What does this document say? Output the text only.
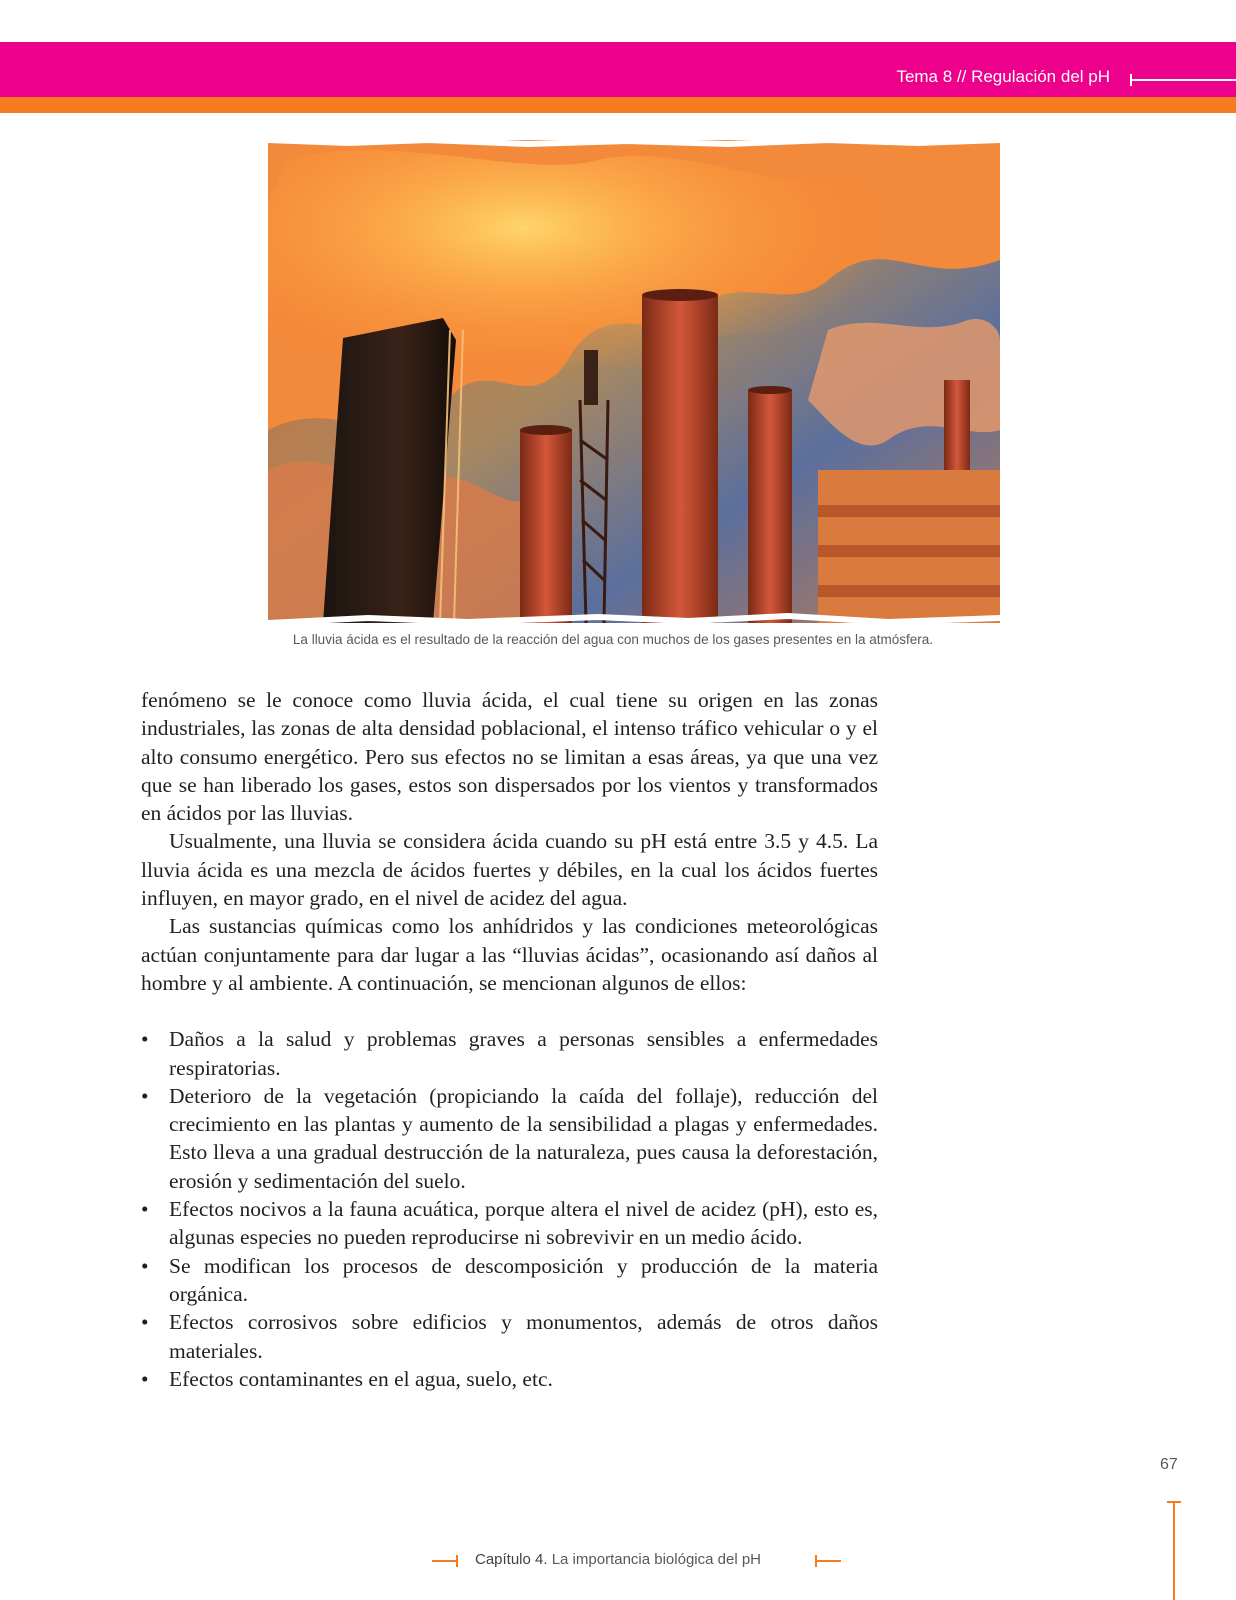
Tema 8 // Regulación del pH
La lluvia ácida es el resultado de la reacción del agua con muchos de los gases presentes en la atmósfera.

fenómeno se le conoce como lluvia ácida, el cual tiene su origen en las zonas industriales, las zonas de alta densidad poblacional, el intenso tráfico vehicular o y el alto consumo energético. Pero sus efectos no se limitan a esas áreas, ya que una vez que se han liberado los gases, estos son dispersados por los vientos y transformados en ácidos por las lluvias.

Usualmente, una lluvia se considera ácida cuando su pH está entre 3.5 y 4.5. La lluvia ácida es una mezcla de ácidos fuertes y débiles, en la cual los ácidos fuertes influyen, en mayor grado, en el nivel de acidez del agua.

Las sustancias químicas como los anhídridos y las condiciones meteorológicas actúan conjuntamente para dar lugar a las “lluvias ácidas”, ocasionando así daños al hombre y al ambiente. A continuación, se mencionan algunos de ellos:

• Daños a la salud y problemas graves a personas sensibles a enfermedades respiratorias.
• Deterioro de la vegetación (propiciando la caída del follaje), reducción del crecimiento en las plantas y aumento de la sensibilidad a plagas y enfermedades. Esto lleva a una gradual destrucción de la naturaleza, pues causa la deforestación, erosión y sedimentación del suelo.
• Efectos nocivos a la fauna acuática, porque altera el nivel de acidez (pH), esto es, algunas especies no pueden reproducirse ni sobrevivir en un medio ácido.
• Se modifican los procesos de descomposición y producción de la materia orgánica.
• Efectos corrosivos sobre edificios y monumentos, además de otros daños materiales.
• Efectos contaminantes en el agua, suelo, etc.
67
Capítulo 4. La importancia biológica del pH
